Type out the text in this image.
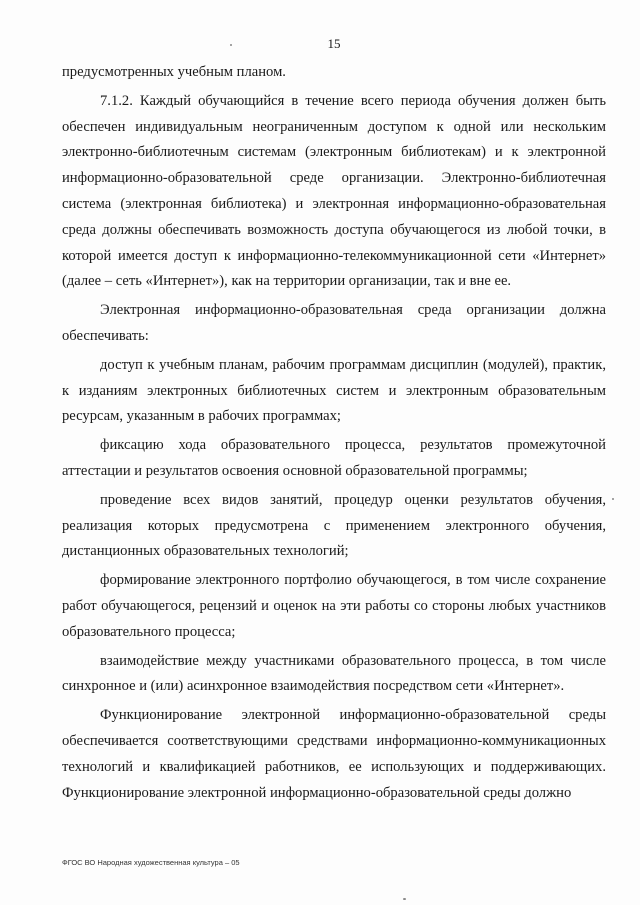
15

предусмотренных учебным планом.

7.1.2. Каждый обучающийся в течение всего периода обучения должен быть обеспечен индивидуальным неограниченным доступом к одной или нескольким электронно-библиотечным системам (электронным библиотекам) и к электронной информационно-образовательной среде организации. Электронно-библиотечная система (электронная библиотека) и электронная информационно-образовательная среда должны обеспечивать возможность доступа обучающегося из любой точки, в которой имеется доступ к информационно-телекоммуникационной сети «Интернет» (далее – сеть «Интернет»), как на территории организации, так и вне ее.

Электронная информационно-образовательная среда организации должна обеспечивать:

доступ к учебным планам, рабочим программам дисциплин (модулей), практик, к изданиям электронных библиотечных систем и электронным образовательным ресурсам, указанным в рабочих программах;

фиксацию хода образовательного процесса, результатов промежуточной аттестации и результатов освоения основной образовательной программы;

проведение всех видов занятий, процедур оценки результатов обучения, реализация которых предусмотрена с применением электронного обучения, дистанционных образовательных технологий;

формирование электронного портфолио обучающегося, в том числе сохранение работ обучающегося, рецензий и оценок на эти работы со стороны любых участников образовательного процесса;

взаимодействие между участниками образовательного процесса, в том числе синхронное и (или) асинхронное взаимодействия посредством сети «Интернет».

Функционирование электронной информационно-образовательной среды обеспечивается соответствующими средствами информационно-коммуникационных технологий и квалификацией работников, ее использующих и поддерживающих. Функционирование электронной информационно-образовательной среды должно

ФГОС ВО Народная художественная культура – 05
